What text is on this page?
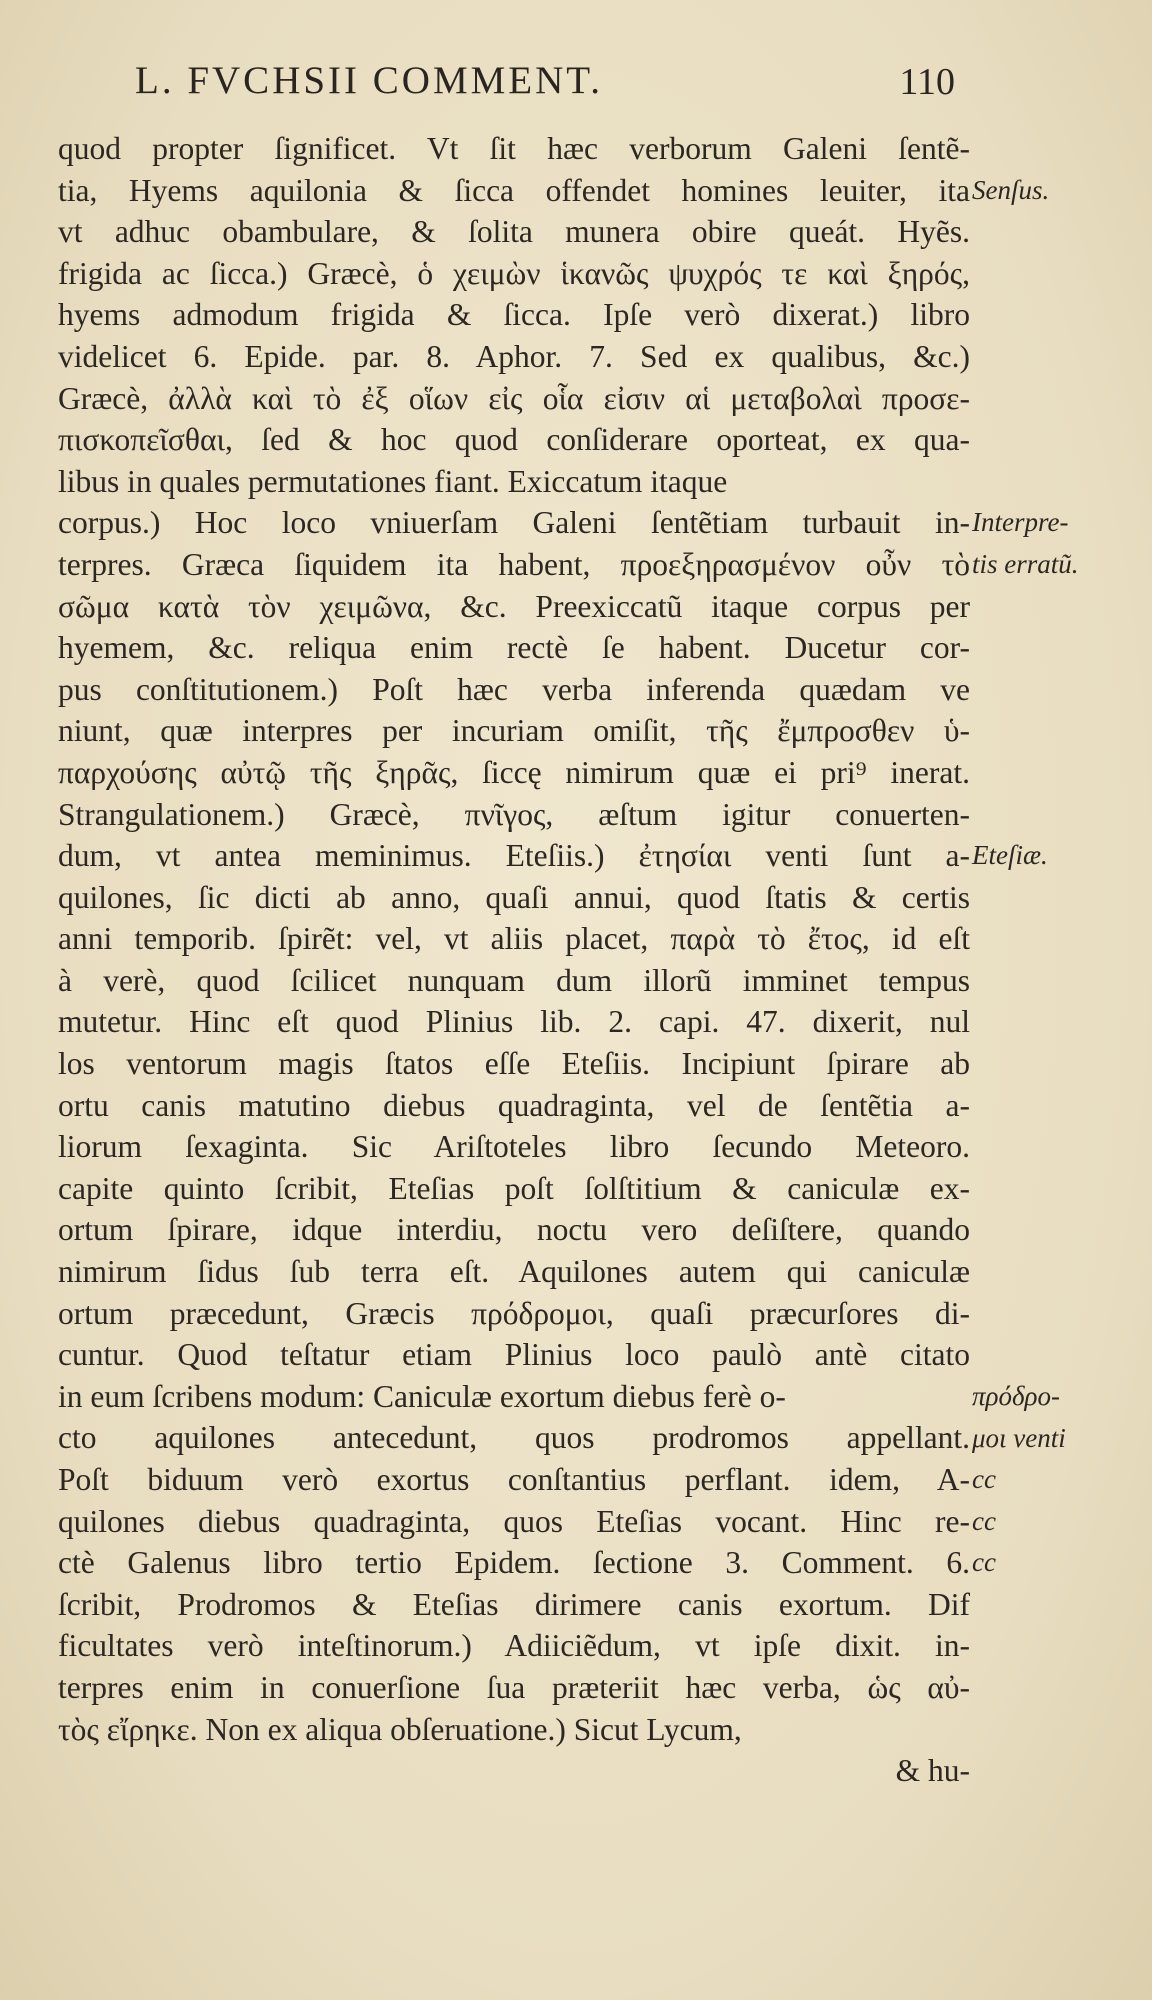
L. FVCHSII COMMENT.	110
quod propter ſignificet. Vt ſit hæc verborum Galeni ſentẽ-
tia, Hyems aquilonia & ſicca offendet homines leuiter, ita
vt adhuc obambulare, & ſolita munera obire queát. Hyẽs.
frigida ac ſicca.) Græcè, ὁ χειμὼν ἱκανῶς ψυχρός τε καὶ ξηρός,
hyems admodum frigida & ſicca. Ipſe verò dixerat.) libro
videlicet 6. Epide. par. 8. Aphor. 7. Sed ex qualibus, &c.)
Græcè, ἀλλὰ καὶ τὸ ἐξ οἵων εἰς οἷα εἰσιν αἱ μεταβολαὶ προσε-
πισκοπεῖσθαι, ſed & hoc quod conſiderare oporteat, ex qua-
libus in quales permutationes fiant. Exiccatum itaque
corpus.) Hoc loco vniuerſam Galeni ſentẽtiam turbauit in-
terpres. Græca ſiquidem ita habent, προεξηρασμένον οὖν τὸ
σῶμα κατὰ τὸν χειμῶνα, &c. Preexiccatũ itaque corpus per
hyemem, &c. reliqua enim rectè ſe habent. Ducetur cor-
pus conſtitutionem.) Poſt hæc verba inferenda quædam ve
niunt, quæ interpres per incuriam omiſit, τῆς ἔμπροσθεν ὑ-
παρχούσης αὐτῷ τῆς ξηρᾶς, ſiccę nimirum quæ ei pri⁹ inerat.
Strangulationem.) Græcè, πνῖγος, æſtum igitur conuerten-
dum, vt antea meminimus. Eteſiis.) ἐτησίαι venti ſunt a-
quilones, ſic dicti ab anno, quaſi annui, quod ſtatis & certis
anni temporib. ſpirẽt: vel, vt aliis placet, παρὰ τὸ ἔτος, id eſt
à verè, quod ſcilicet nunquam dum illorũ imminet tempus
mutetur. Hinc eſt quod Plinius lib. 2. capi. 47. dixerit, nul
los ventorum magis ſtatos eſſe Eteſiis. Incipiunt ſpirare ab
ortu canis matutino diebus quadraginta, vel de ſentẽtia a-
liorum ſexaginta. Sic Ariſtoteles libro ſecundo Meteoro.
capite quinto ſcribit, Eteſias poſt ſolſtitium & caniculæ ex-
ortum ſpirare, idque interdiu, noctu vero deſiſtere, quando
nimirum ſidus ſub terra eſt. Aquilones autem qui caniculæ
ortum præcedunt, Græcis πρόδρομοι, quaſi præcurſores di-
cuntur. Quod teſtatur etiam Plinius loco paulò antè citato
in eum ſcribens modum: Caniculæ exortum diebus ferè o-
cto aquilones antecedunt, quos prodromos appellant.
Poſt biduum verò exortus conſtantius perflant. idem, A-
quilones diebus quadraginta, quos Eteſias vocant. Hinc re-
ctè Galenus libro tertio Epidem. ſectione 3. Comment. 6.
ſcribit, Prodromos & Eteſias dirimere canis exortum. Dif
ficultates verò inteſtinorum.) Adiiciẽdum, vt ipſe dixit. in-
terpres enim in conuerſione ſua præteriit hæc verba, ὡς αὐ-
τὸς εἴρηκε. Non ex aliqua obſeruatione.) Sicut Lycum,
& hu-
Senſus.
Interpre-
tis erratũ.
Eteſiæ.
πρόδρο-
μοι venti
cc
cc
cc
